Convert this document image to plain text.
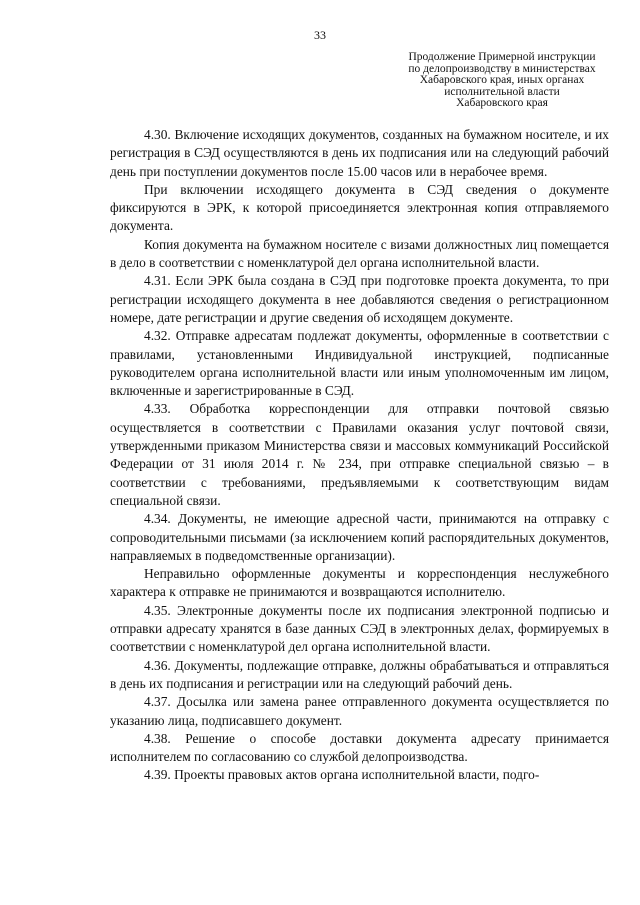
33
Продолжение Примерной инструкции
по делопроизводству в министерствах
Хабаровского края, иных органах
исполнительной власти
Хабаровского края

4.30. Включение исходящих документов, созданных на бумажном носителе, и их регистрация в СЭД осуществляются в день их подписания или на следующий рабочий день при поступлении документов после 15.00 часов или в нерабочее время.

При включении исходящего документа в СЭД сведения о документе фиксируются в ЭРК, к которой присоединяется электронная копия отправляемого документа.

Копия документа на бумажном носителе с визами должностных лиц помещается в дело в соответствии с номенклатурой дел органа исполнительной власти.

4.31. Если ЭРК была создана в СЭД при подготовке проекта документа, то при регистрации исходящего документа в нее добавляются сведения о регистрационном номере, дате регистрации и другие сведения об исходящем документе.

4.32. Отправке адресатам подлежат документы, оформленные в соответствии с правилами, установленными Индивидуальной инструкцией, подписанные руководителем органа исполнительной власти или иным уполномоченным им лицом, включенные и зарегистрированные в СЭД.

4.33. Обработка корреспонденции для отправки почтовой связью осуществляется в соответствии с Правилами оказания услуг почтовой связи, утвержденными приказом Министерства связи и массовых коммуникаций Российской Федерации от 31 июля 2014 г. № 234, при отправке специальной связью – в соответствии с требованиями, предъявляемыми к соответствующим видам специальной связи.

4.34. Документы, не имеющие адресной части, принимаются на отправку с сопроводительными письмами (за исключением копий распорядительных документов, направляемых в подведомственные организации).

Неправильно оформленные документы и корреспонденция неслужебного характера к отправке не принимаются и возвращаются исполнителю.

4.35. Электронные документы после их подписания электронной подписью и отправки адресату хранятся в базе данных СЭД в электронных делах, формируемых в соответствии с номенклатурой дел органа исполнительной власти.

4.36. Документы, подлежащие отправке, должны обрабатываться и отправляться в день их подписания и регистрации или на следующий рабочий день.

4.37. Досылка или замена ранее отправленного документа осуществляется по указанию лица, подписавшего документ.

4.38. Решение о способе доставки документа адресату принимается исполнителем по согласованию со службой делопроизводства.

4.39. Проекты правовых актов органа исполнительной власти, подго-
